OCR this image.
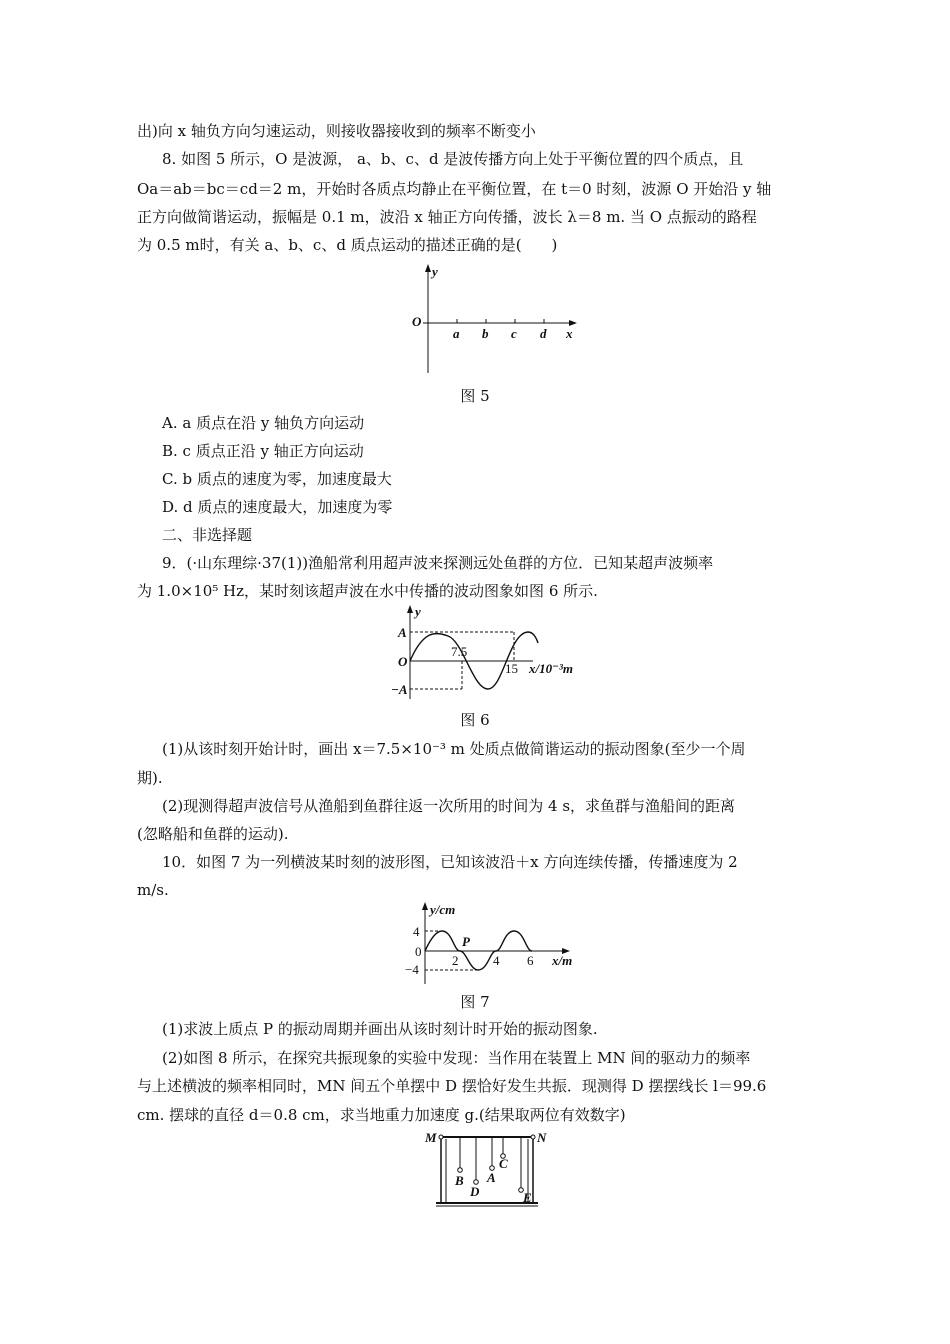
出)向 x 轴负方向匀速运动，则接收器接收到的频率不断变小
8. 如图 5 所示，O 是波源， a、b、c、d 是波传播方向上处于平衡位置的四个质点，且
Oa＝ab＝bc＝cd＝2 m，开始时各质点均静止在平衡位置，在 t＝0 时刻，波源 O 开始沿 y 轴
正方向做简谐运动，振幅是 0.1 m，波沿 x 轴正方向传播，波长 λ＝8 m. 当 O 点振动的路程
为 0.5 m时，有关 a、b、c、d 质点运动的描述正确的是(　　)
y
O
a b c d x
图 5
A. a 质点在沿 y 轴负方向运动
B. c 质点正沿 y 轴正方向运动
C. b 质点的速度为零，加速度最大
D. d 质点的速度最大，加速度为零
二、非选择题
9．(·山东理综·37(1))渔船常利用超声波来探测远处鱼群的方位．已知某超声波频率
为 1.0×10⁵ Hz，某时刻该超声波在水中传播的波动图象如图 6 所示.
y
A
O
−A
7.5
15 x/10⁻³m
图 6
(1)从该时刻开始计时，画出 x＝7.5×10⁻³ m 处质点做简谐运动的振动图象(至少一个周
期).
(2)现测得超声波信号从渔船到鱼群往返一次所用的时间为 4 s，求鱼群与渔船间的距离
(忽略船和鱼群的运动).
10．如图 7 为一列横波某时刻的波形图，已知该波沿＋x 方向连续传播，传播速度为 2
m/s.
y/cm
4
0
−4
P
2	4 6 x/m
图 7
(1)求波上质点 P 的振动周期并画出从该时刻计时开始的振动图象.
(2)如图 8 所示，在探究共振现象的实验中发现：当作用在装置上 MN 间的驱动力的频率
与上述横波的频率相同时，MN 间五个单摆中 D 摆恰好发生共振．现测得 D 摆摆线长 l＝99.6
cm. 摆球的直径 d＝0.8 cm，求当地重力加速度 g.(结果取两位有效数字)
M	N
B
D
A
C
E
